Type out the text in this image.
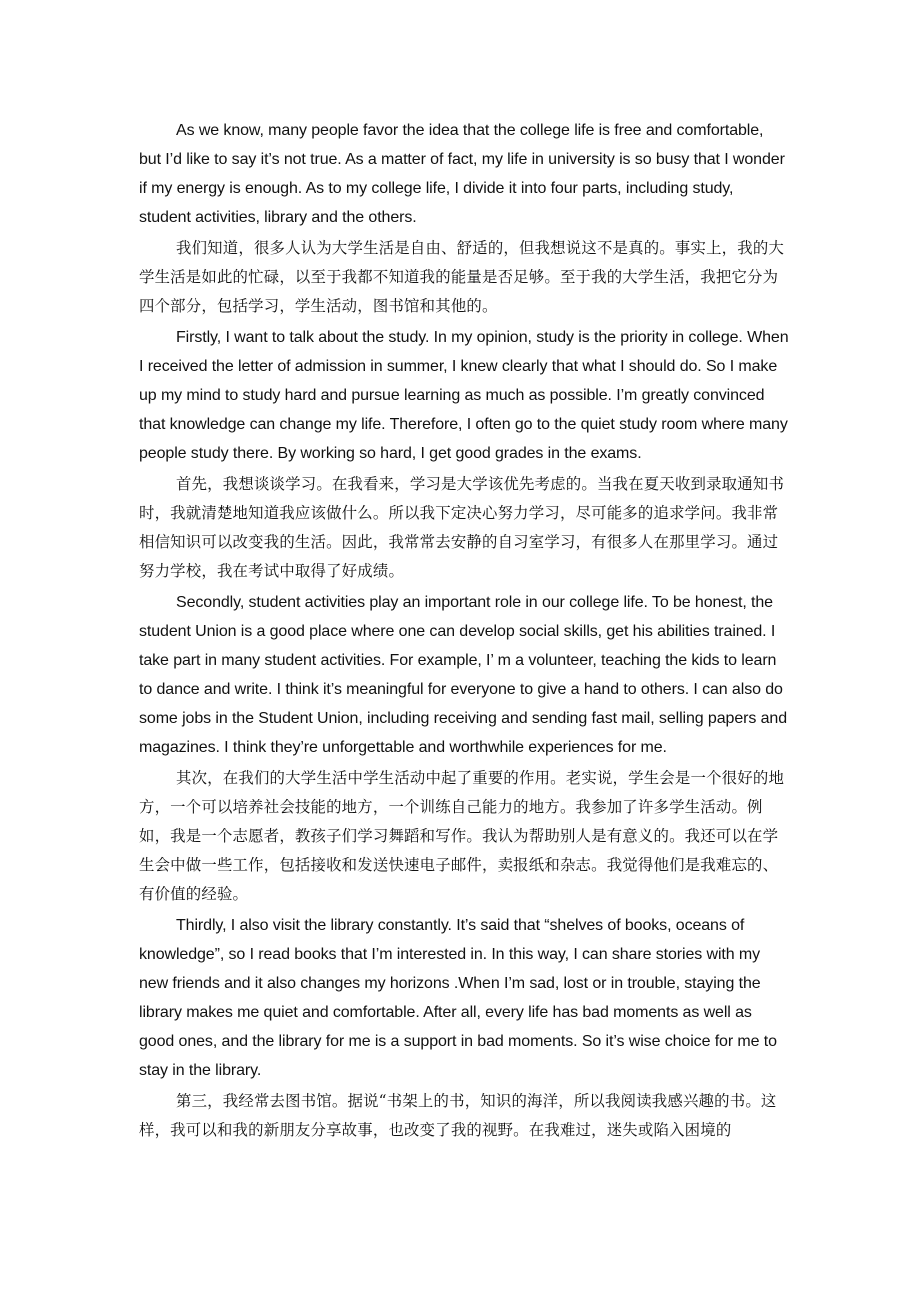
As we know, many people favor the idea that the college life is free and comfortable, but I’d like to say it’s not true. As a matter of fact, my life in university is so busy that I wonder if my energy is enough. As to my college life, I divide it into four parts, including study, student activities, library and the others.

我们知道，很多人认为大学生活是自由、舒适的，但我想说这不是真的。事实上，我的大学生活是如此的忙碌，以至于我都不知道我的能量是否足够。至于我的大学生活，我把它分为四个部分，包括学习，学生活动，图书馆和其他的。

Firstly, I want to talk about the study. In my opinion, study is the priority in college. When I received the letter of admission in summer, I knew clearly that what I should do. So I make up my mind to study hard and pursue learning as much as possible. I’m greatly convinced that knowledge can change my life. Therefore, I often go to the quiet study room where many people study there. By working so hard, I get good grades in the exams.

首先，我想谈谈学习。在我看来，学习是大学该优先考虑的。当我在夏天收到录取通知书时，我就清楚地知道我应该做什么。所以我下定决心努力学习，尽可能多的追求学问。我非常相信知识可以改变我的生活。因此，我常常去安静的自习室学习，有很多人在那里学习。通过努力学校，我在考试中取得了好成绩。

Secondly, student activities play an important role in our college life. To be honest, the student Union is a good place where one can develop social skills, get his abilities trained. I take part in many student activities. For example, I’ m a volunteer, teaching the kids to learn to dance and write. I think it’s meaningful for everyone to give a hand to others. I can also do some jobs in the Student Union, including receiving and sending fast mail, selling papers and magazines. I think they’re unforgettable and worthwhile experiences for me.

其次，在我们的大学生活中学生活动中起了重要的作用。老实说，学生会是一个很好的地方，一个可以培养社会技能的地方，一个训练自己能力的地方。我参加了许多学生活动。例如，我是一个志愿者，教孩子们学习舞蹈和写作。我认为帮助别人是有意义的。我还可以在学生会中做一些工作，包括接收和发送快速电子邮件，卖报纸和杂志。我觉得他们是我难忘的、有价值的经验。

Thirdly, I also visit the library constantly. It’s said that “shelves of books, oceans of knowledge”, so I read books that I’m interested in. In this way, I can share stories with my new friends and it also changes my horizons .When I’m sad, lost or in trouble, staying the library makes me quiet and comfortable. After all, every life has bad moments as well as good ones, and the library for me is a support in bad moments. So it’s wise choice for me to stay in the library.

第三，我经常去图书馆。据说“书架上的书，知识的海洋，所以我阅读我感兴趣的书。这样，我可以和我的新朋友分享故事，也改变了我的视野。在我难过，迷失或陷入困境的
